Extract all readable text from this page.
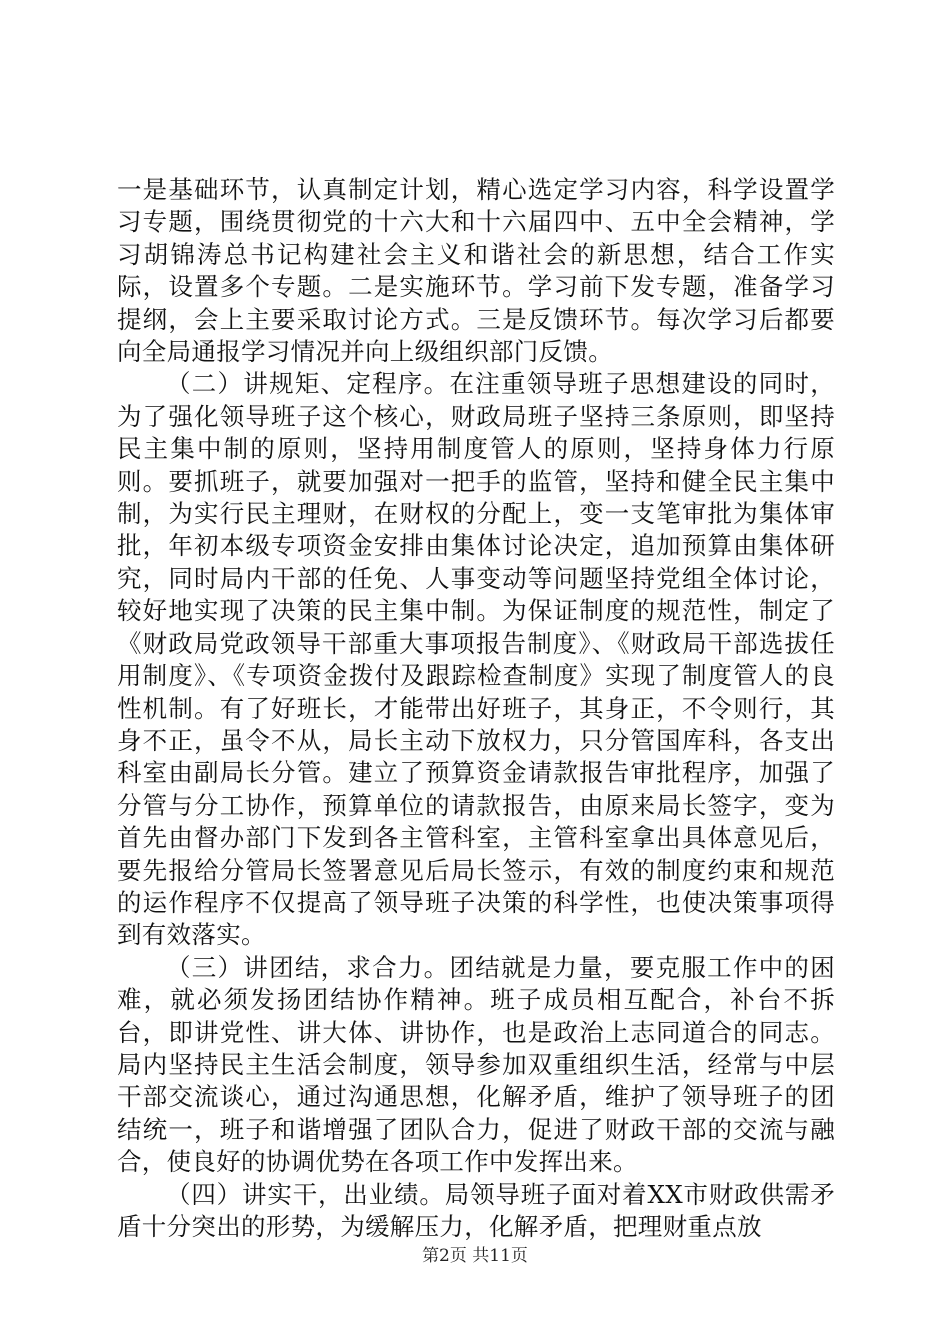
一是基础环节，认真制定计划，精心选定学习内容，科学设置学习专题，围绕贯彻党的十六大和十六届四中、五中全会精神，学习胡锦涛总书记构建社会主义和谐社会的新思想，结合工作实际，设置多个专题。二是实施环节。学习前下发专题，准备学习提纲，会上主要采取讨论方式。三是反馈环节。每次学习后都要向全局通报学习情况并向上级组织部门反馈。

（二）讲规矩、定程序。在注重领导班子思想建设的同时，为了强化领导班子这个核心，财政局班子坚持三条原则，即坚持民主集中制的原则，坚持用制度管人的原则，坚持身体力行原则。要抓班子，就要加强对一把手的监管，坚持和健全民主集中制，为实行民主理财，在财权的分配上，变一支笔审批为集体审批，年初本级专项资金安排由集体讨论决定，追加预算由集体研究，同时局内干部的任免、人事变动等问题坚持党组全体讨论，较好地实现了决策的民主集中制。为保证制度的规范性，制定了《财政局党政领导干部重大事项报告制度》、《财政局干部选拔任用制度》、《专项资金拨付及跟踪检查制度》实现了制度管人的良性机制。有了好班长，才能带出好班子，其身正，不令则行，其身不正，虽令不从，局长主动下放权力，只分管国库科，各支出科室由副局长分管。建立了预算资金请款报告审批程序，加强了分管与分工协作，预算单位的请款报告，由原来局长签字，变为首先由督办部门下发到各主管科室，主管科室拿出具体意见后，要先报给分管局长签署意见后局长签示，有效的制度约束和规范的运作程序不仅提高了领导班子决策的科学性，也使决策事项得到有效落实。

（三）讲团结，求合力。团结就是力量，要克服工作中的困难，就必须发扬团结协作精神。班子成员相互配合，补台不拆台，即讲党性、讲大体、讲协作，也是政治上志同道合的同志。局内坚持民主生活会制度，领导参加双重组织生活，经常与中层干部交流谈心，通过沟通思想，化解矛盾，维护了领导班子的团结统一，班子和谐增强了团队合力，促进了财政干部的交流与融合，使良好的协调优势在各项工作中发挥出来。

（四）讲实干，出业绩。局领导班子面对着XX市财政供需矛盾十分突出的形势，为缓解压力，化解矛盾，把理财重点放

第2页 共11页
